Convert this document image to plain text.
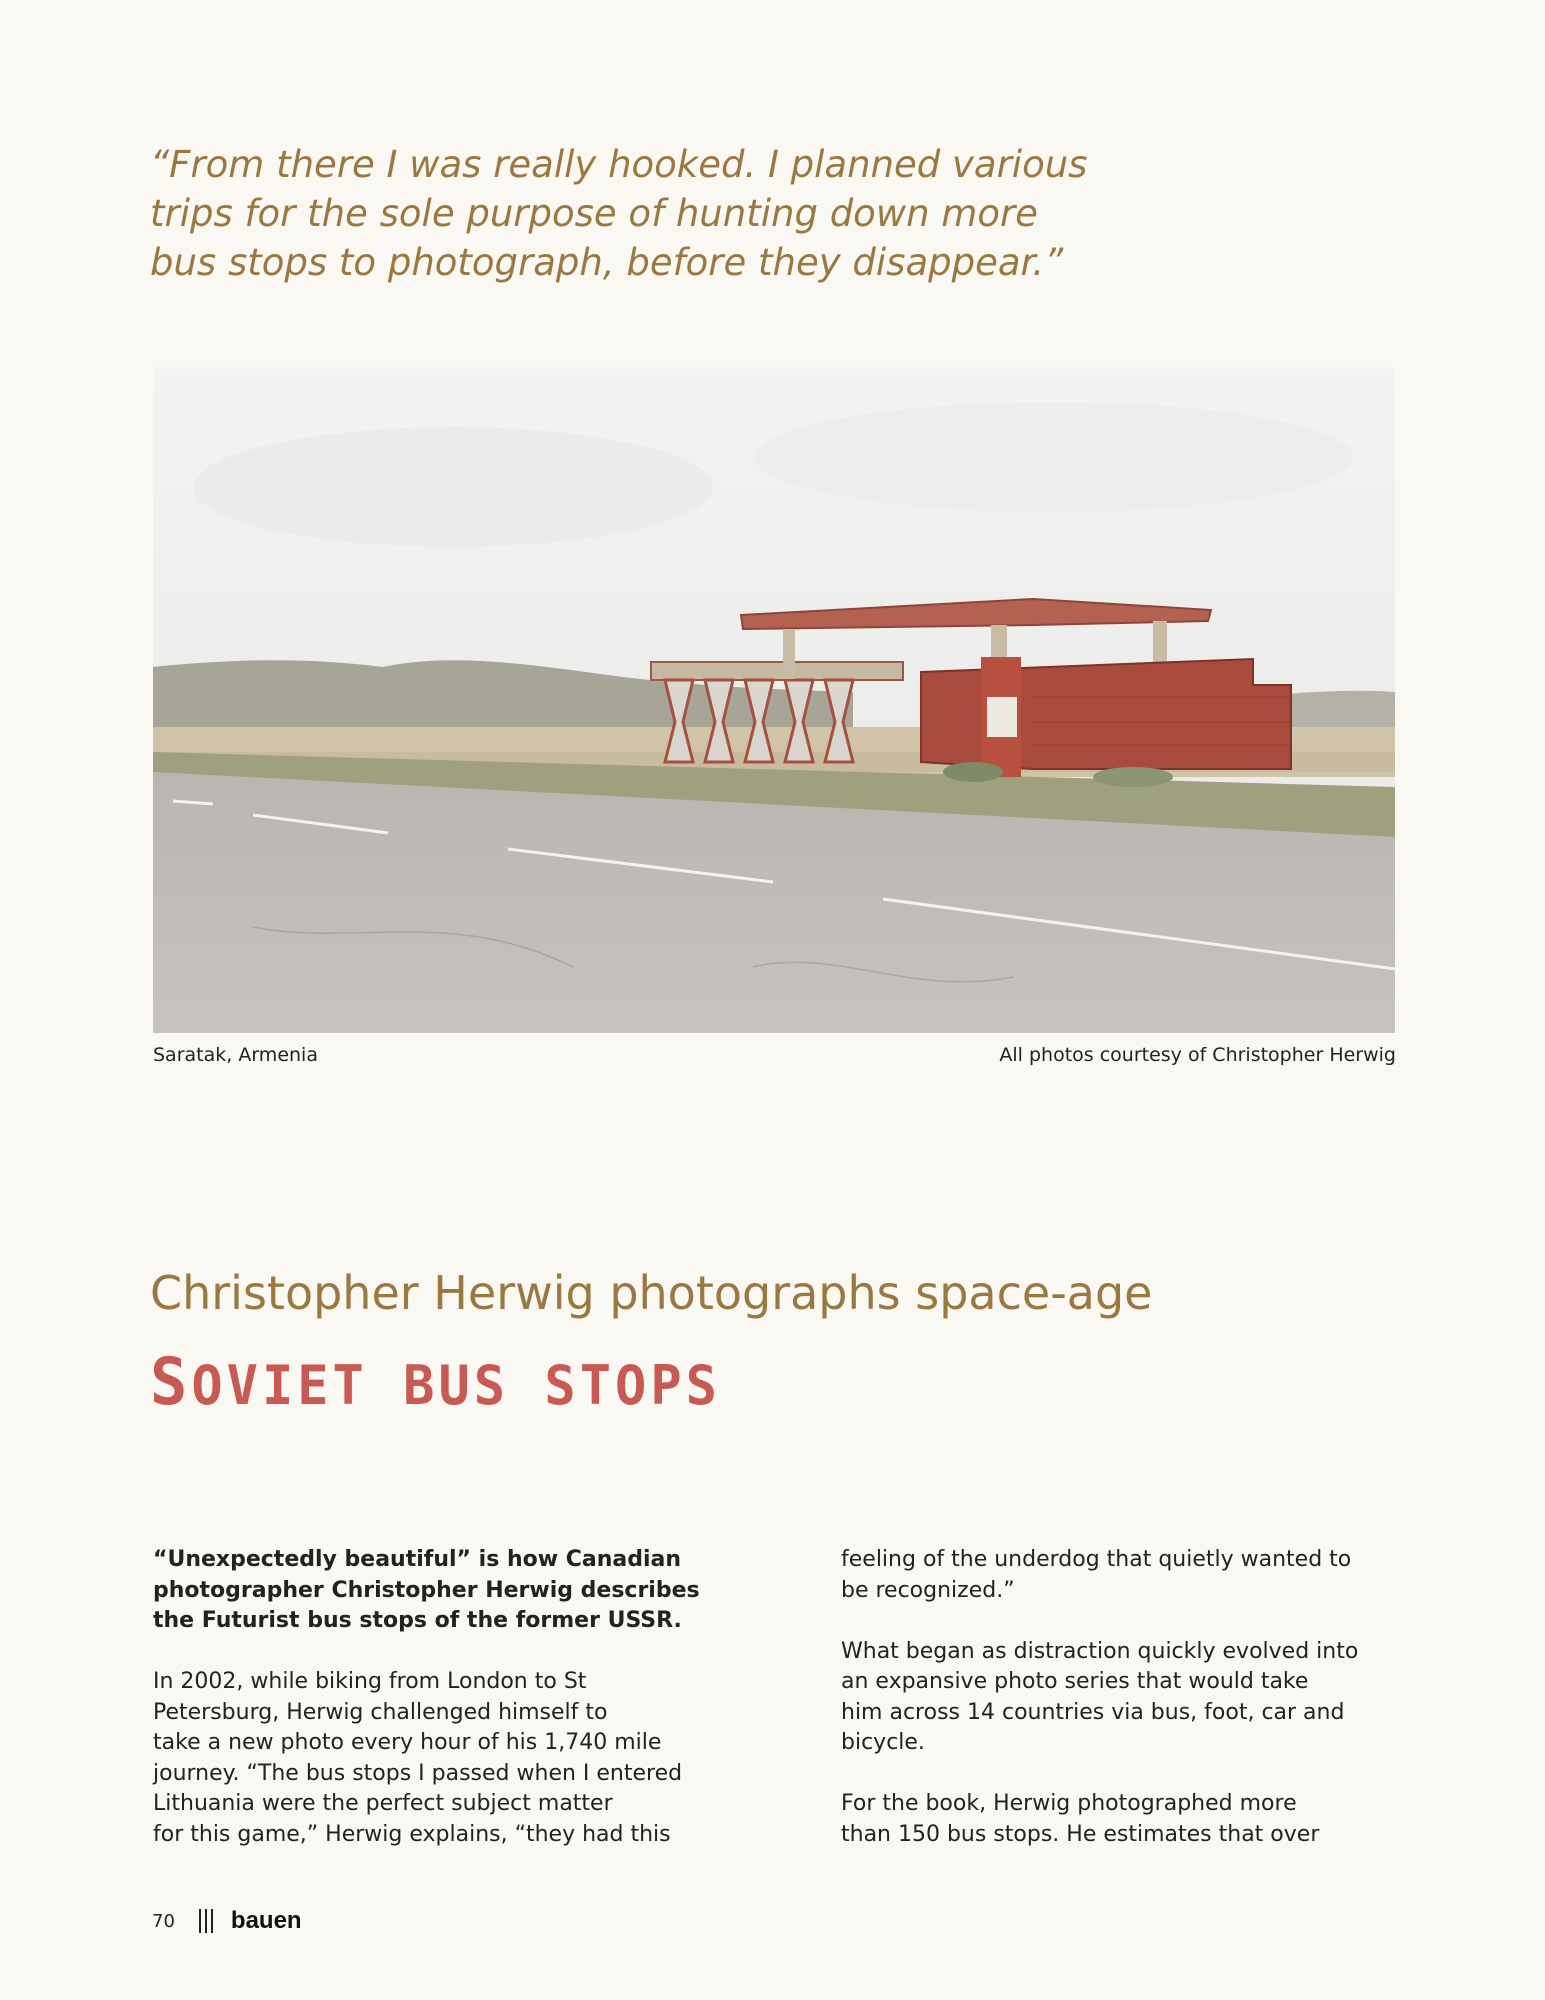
“From there I was really hooked. I planned various
trips for the sole purpose of hunting down more
bus stops to photograph, before they disappear.”
Saratak, Armenia	All photos courtesy of Christopher Herwig
Christopher Herwig photographs space-age
SOVIET BUS STOPS

“Unexpectedly beautiful” is how Canadian
photographer Christopher Herwig describes
the Futurist bus stops of the former USSR.

In 2002, while biking from London to St
Petersburg, Herwig challenged himself to
take a new photo every hour of his 1,740 mile
journey. “The bus stops I passed when I entered
Lithuania were the perfect subject matter
for this game,” Herwig explains, “they had this

feeling of the underdog that quietly wanted to
be recognized.”

What began as distraction quickly evolved into
an expansive photo series that would take
him across 14 countries via bus, foot, car and
bicycle.

For the book, Herwig photographed more
than 150 bus stops. He estimates that over

70 bauen
